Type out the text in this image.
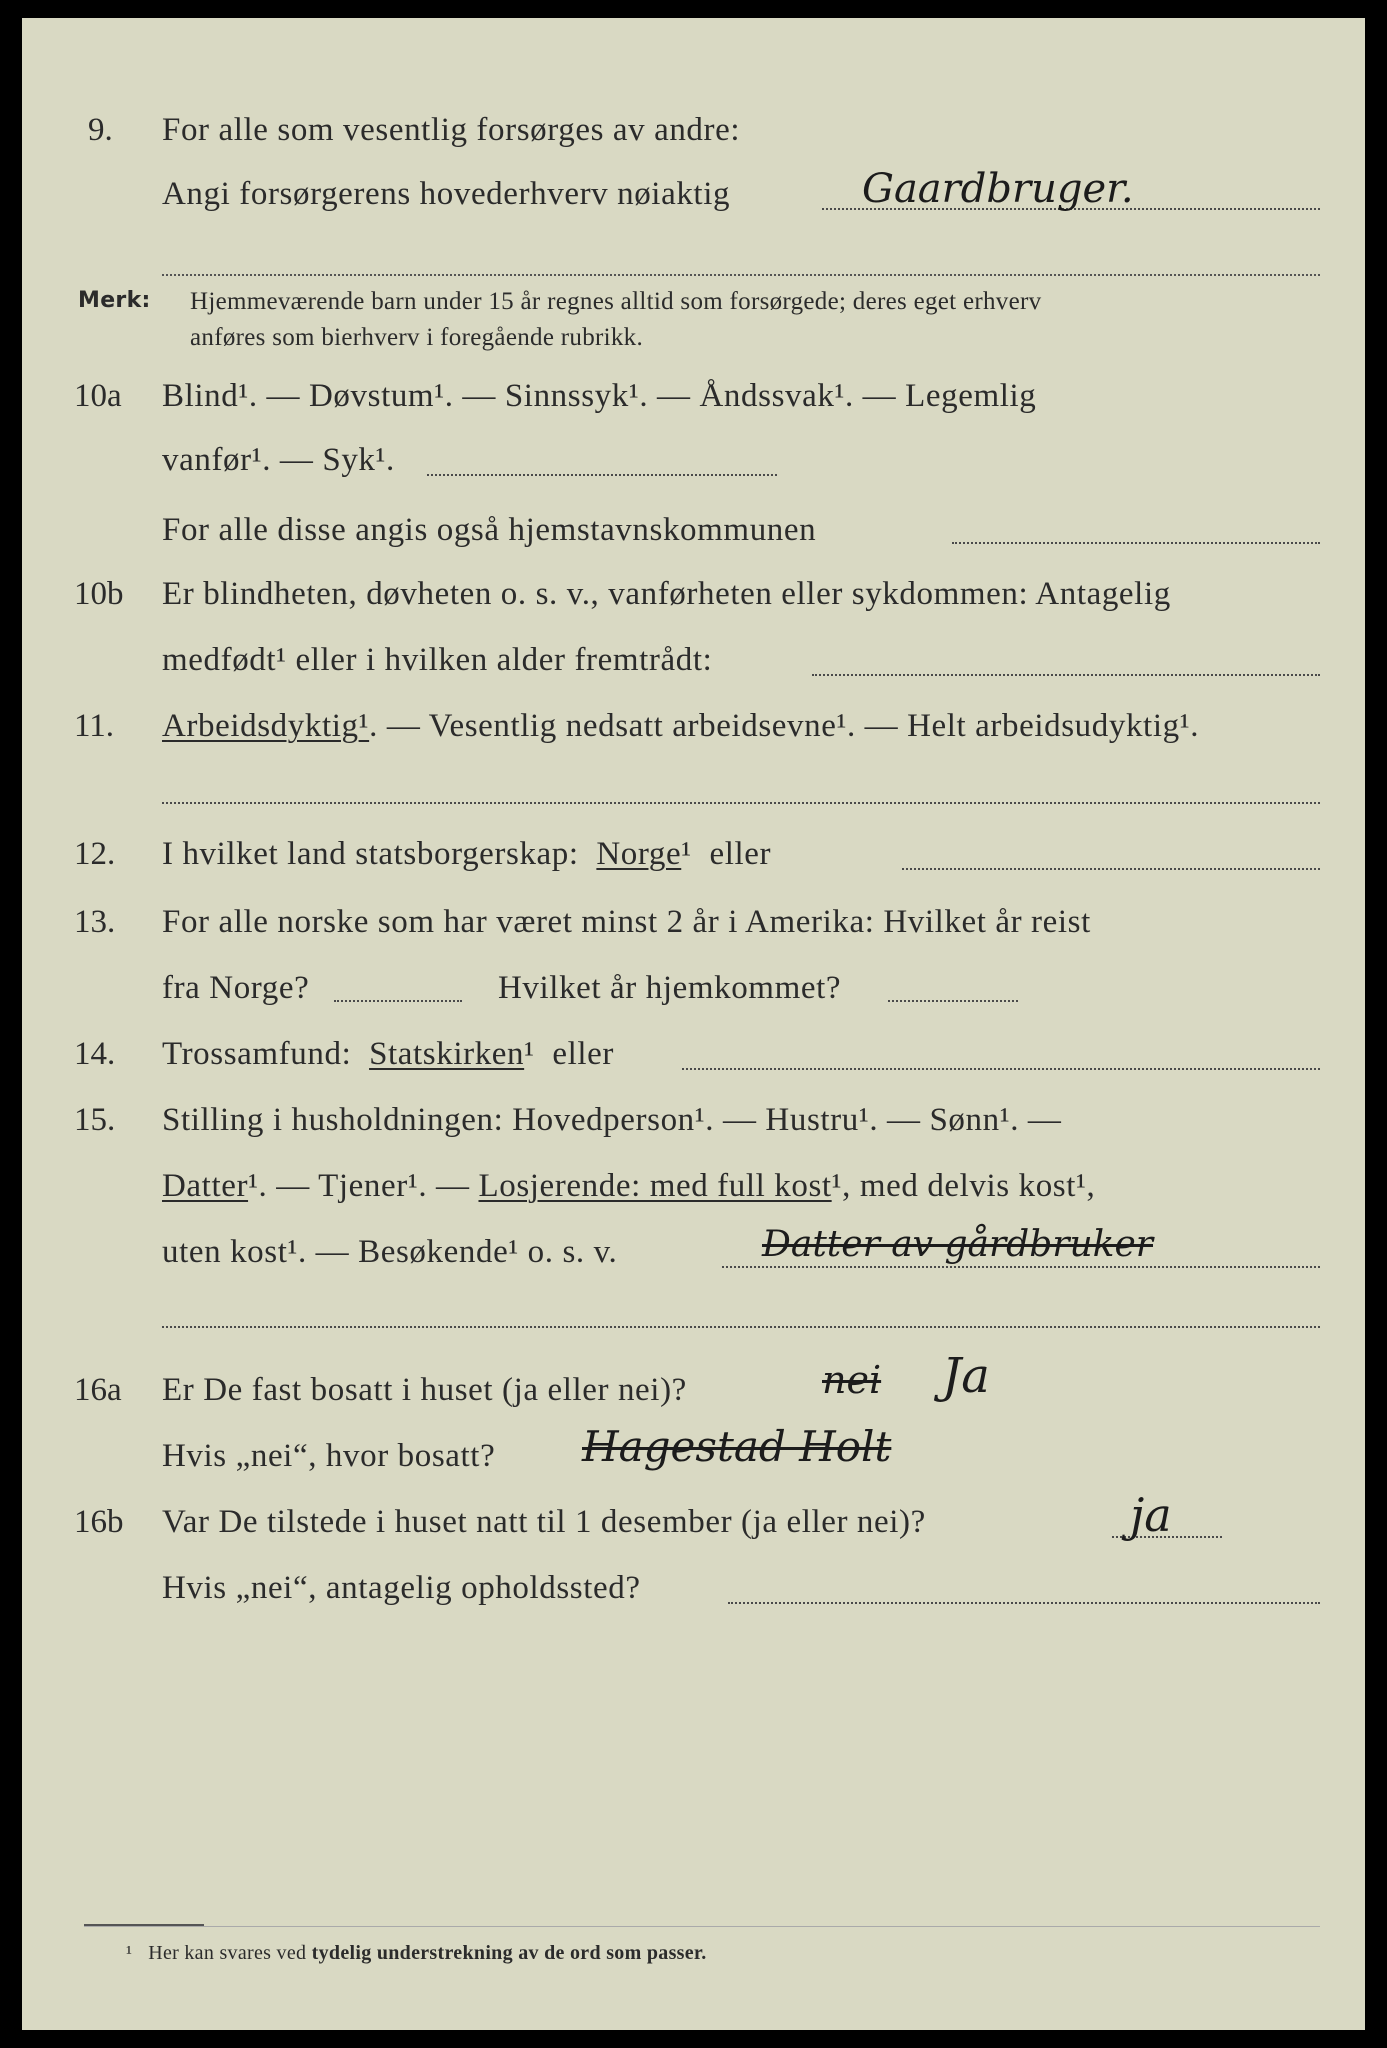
9. For alle som vesentlig forsørges av andre:
Angi forsørgerens hovederhverv nøiaktig	Gaardbruger.
Merk: Hjemmeværende barn under 15 år regnes alltid som forsørgede; deres eget erhverv
anføres som bierhverv i foregående rubrikk.
10a Blind¹. — Døvstum¹. — Sinnssyk¹. — Åndssvak¹. — Legemlig
vanfør¹. — Syk¹.
For alle disse angis også hjemstavnskommunen
10b Er blindheten, døvheten o. s. v., vanførheten eller sykdommen: Antagelig
medfødt¹ eller i hvilken alder fremtrådt:
11. Arbeidsdyktig¹. — Vesentlig nedsatt arbeidsevne¹. — Helt arbeidsudyktig¹.
12. I hvilket land statsborgerskap: Norge¹ eller
13. For alle norske som har været minst 2 år i Amerika: Hvilket år reist
fra Norge?	Hvilket år hjemkommet?
14. Trossamfund: Statskirken¹ eller
15. Stilling i husholdningen: Hovedperson¹. — Hustru¹. — Sønn¹. —
Datter¹. — Tjener¹. — Losjerende: med full kost¹, med delvis kost¹,
uten kost¹. — Besøkende¹ o. s. v.	Datter av gårdbruker
16a Er De fast bosatt i huset (ja eller nei)?	nei Ja
Hvis „nei“, hvor bosatt? Hagestad Holt
16b Var De tilstede i huset natt til 1 desember (ja eller nei)?	ja
Hvis „nei“, antagelig opholdssted?
¹ Her kan svares ved tydelig understrekning av de ord som passer.
